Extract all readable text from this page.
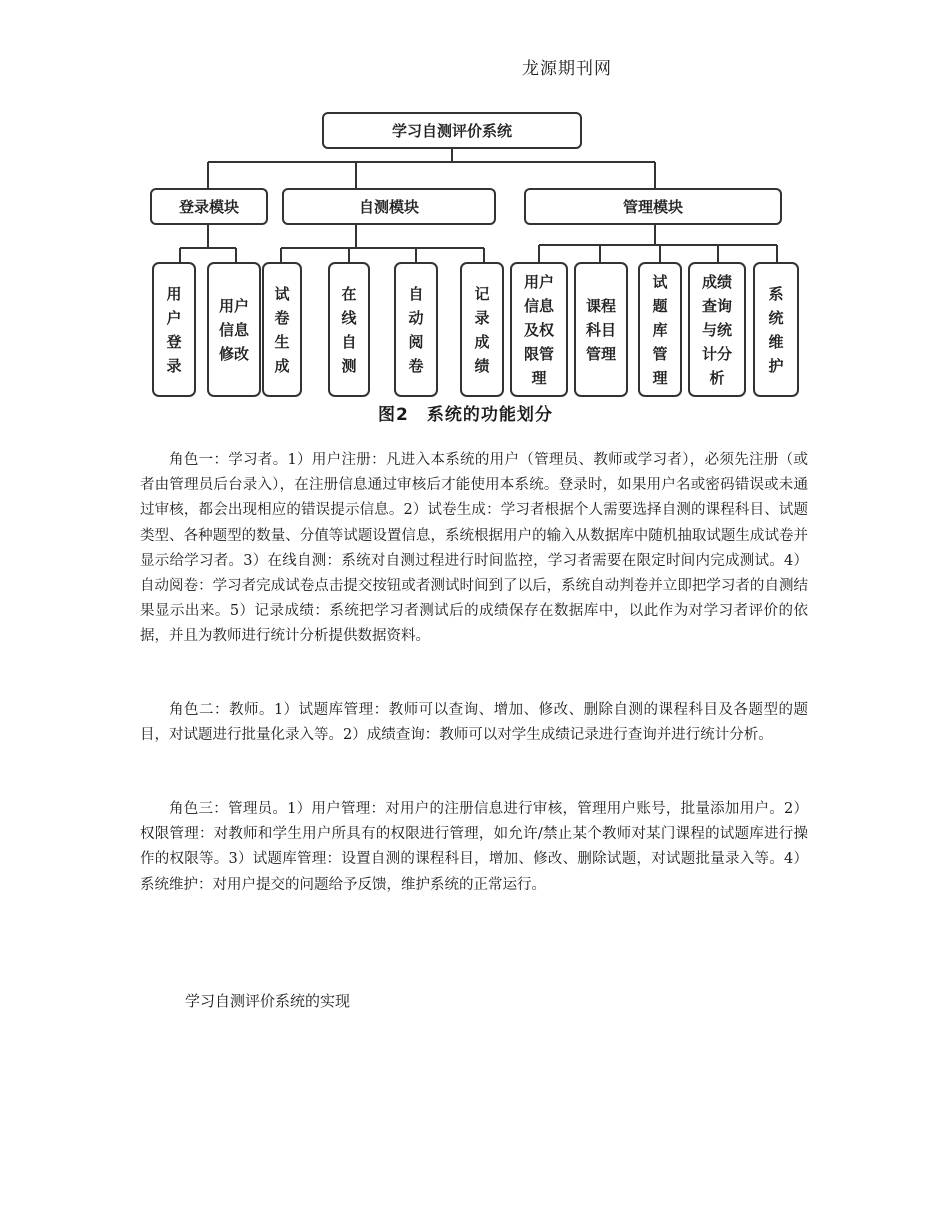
龙源期刊网
学习自测评价系统
登录模块	自测模块	管理模块
用户登录
用户信息修改
试卷生成
在线自测
自动阅卷
记录成绩
用户信息及权限管理
课程科目管理
试题库管理
成绩查询与统计分析
系统维护
图2　系统的功能划分

角色一：学习者。1）用户注册：凡进入本系统的用户（管理员、教师或学习者），必须先注册（或者由管理员后台录入），在注册信息通过审核后才能使用本系统。登录时，如果用户名或密码错误或未通过审核，都会出现相应的错误提示信息。2）试卷生成：学习者根据个人需要选择自测的课程科目、试题类型、各种题型的数量、分值等试题设置信息，系统根据用户的输入从数据库中随机抽取试题生成试卷并显示给学习者。3）在线自测：系统对自测过程进行时间监控，学习者需要在限定时间内完成测试。4）自动阅卷：学习者完成试卷点击提交按钮或者测试时间到了以后，系统自动判卷并立即把学习者的自测结果显示出来。5）记录成绩：系统把学习者测试后的成绩保存在数据库中，以此作为对学习者评价的依据，并且为教师进行统计分析提供数据资料。

角色二：教师。1）试题库管理：教师可以查询、增加、修改、删除自测的课程科目及各题型的题目，对试题进行批量化录入等。2）成绩查询：教师可以对学生成绩记录进行查询并进行统计分析。

角色三：管理员。1）用户管理：对用户的注册信息进行审核，管理用户账号，批量添加用户。2）权限管理：对教师和学生用户所具有的权限进行管理，如允许/禁止某个教师对某门课程的试题库进行操作的权限等。3）试题库管理：设置自测的课程科目，增加、修改、删除试题，对试题批量录入等。4）系统维护：对用户提交的问题给予反馈，维护系统的正常运行。

学习自测评价系统的实现
